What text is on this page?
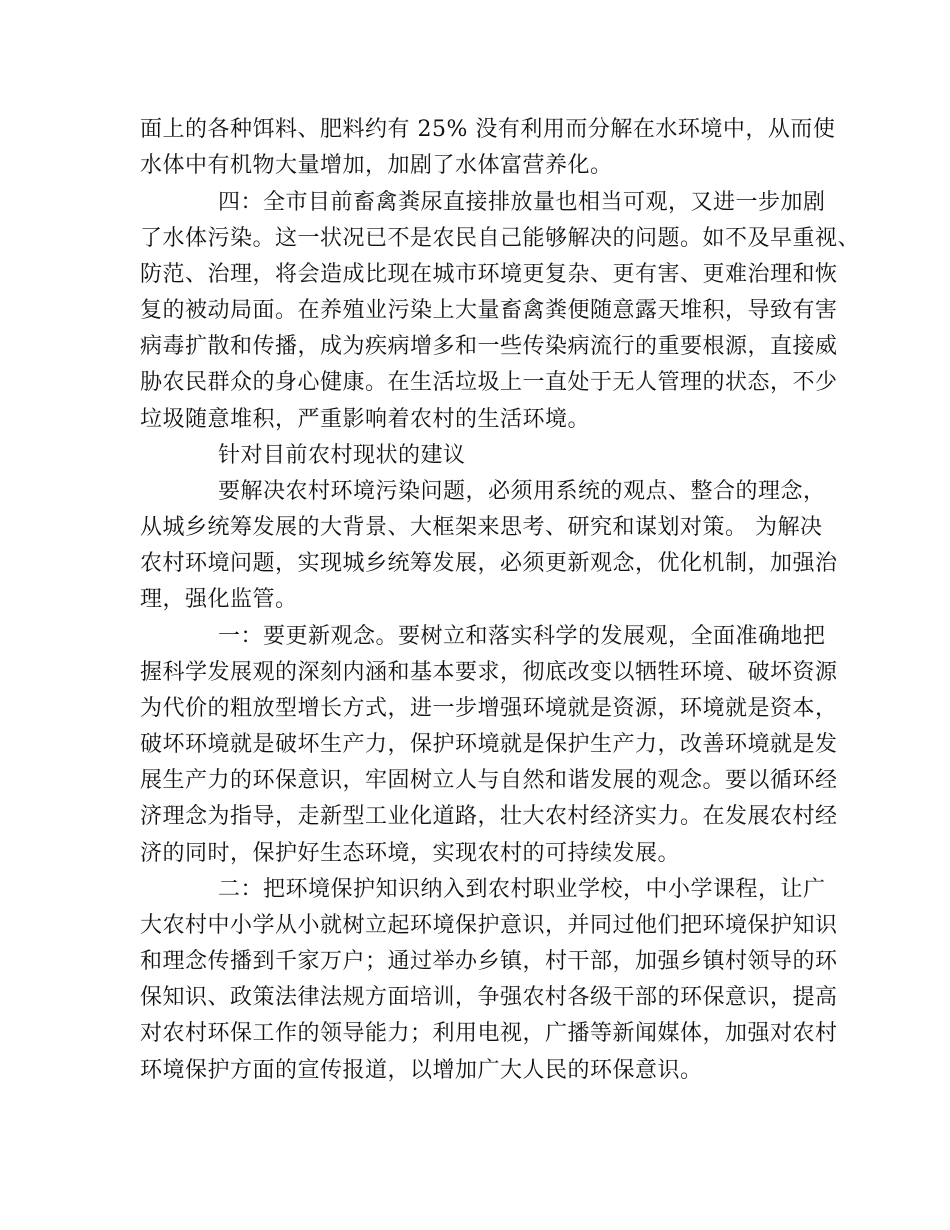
面上的各种饵料、肥料约有 25% 没有利用而分解在水环境中，从而使

水体中有机物大量增加，加剧了水体富营养化。

四：全市目前畜禽粪尿直接排放量也相当可观，又进一步加剧

了水体污染。这一状况已不是农民自己能够解决的问题。如不及早重视、

防范、治理，将会造成比现在城市环境更复杂、更有害、更难治理和恢

复的被动局面。在养殖业污染上大量畜禽粪便随意露天堆积，导致有害

病毒扩散和传播，成为疾病增多和一些传染病流行的重要根源，直接威

胁农民群众的身心健康。在生活垃圾上一直处于无人管理的状态，不少

垃圾随意堆积，严重影响着农村的生活环境。

针对目前农村现状的建议

要解决农村环境污染问题，必须用系统的观点、整合的理念，

从城乡统筹发展的大背景、大框架来思考、研究和谋划对策。 为解决

农村环境问题，实现城乡统筹发展，必须更新观念，优化机制，加强治

理，强化监管。

一：要更新观念。要树立和落实科学的发展观，全面准确地把

握科学发展观的深刻内涵和基本要求，彻底改变以牺牲环境、破坏资源

为代价的粗放型增长方式，进一步增强环境就是资源，环境就是资本，

破坏环境就是破坏生产力，保护环境就是保护生产力，改善环境就是发

展生产力的环保意识，牢固树立人与自然和谐发展的观念。要以循环经

济理念为指导，走新型工业化道路，壮大农村经济实力。在发展农村经

济的同时，保护好生态环境，实现农村的可持续发展。

二：把环境保护知识纳入到农村职业学校，中小学课程，让广

大农村中小学从小就树立起环境保护意识，并同过他们把环境保护知识

和理念传播到千家万户；通过举办乡镇，村干部，加强乡镇村领导的环

保知识、政策法律法规方面培训，争强农村各级干部的环保意识，提高

对农村环保工作的领导能力；利用电视，广播等新闻媒体，加强对农村

环境保护方面的宣传报道，以增加广大人民的环保意识。
